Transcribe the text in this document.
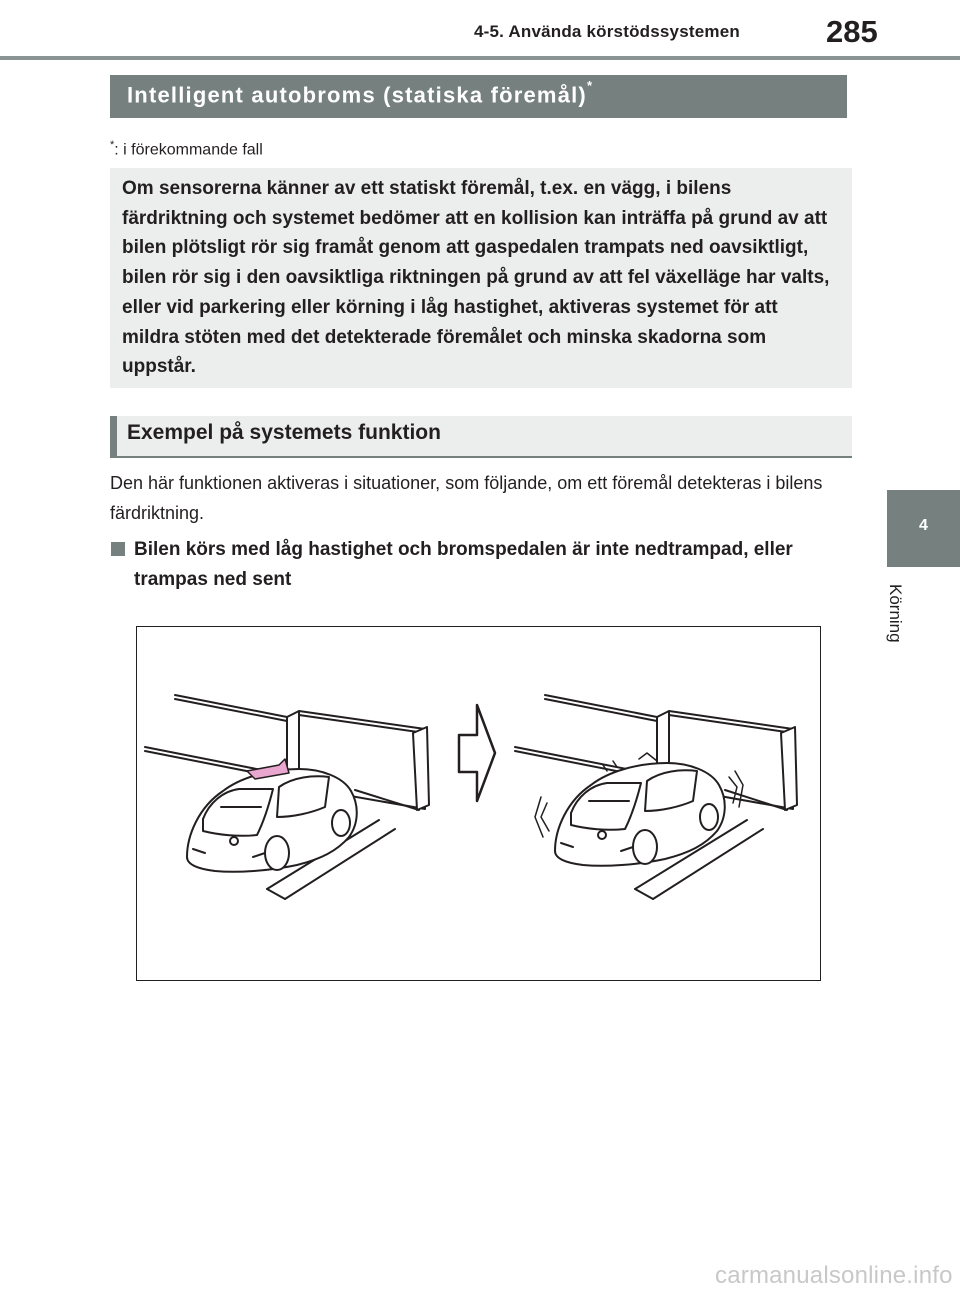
4-5. Använda körstödssystemen	285
Intelligent autobroms (statiska föremål)*
*: i förekommande fall

Om sensorerna känner av ett statiskt föremål, t.ex. en vägg, i bilens färdriktning och systemet bedömer att en kollision kan inträffa på grund av att bilen plötsligt rör sig framåt genom att gaspedalen trampats ned oavsiktligt, bilen rör sig i den oavsiktliga riktningen på grund av att fel växelläge har valts, eller vid parkering eller körning i låg hastighet, aktiveras systemet för att mildra stöten med det detekterade föremålet och minska skadorna som uppstår.

Exempel på systemets funktion

Den här funktionen aktiveras i situationer, som följande, om ett föremål detekteras i bilens färdriktning.

Bilen körs med låg hastighet och bromspedalen är inte nedtrampad, eller trampas ned sent

4
Körning
carmanualsonline.info
